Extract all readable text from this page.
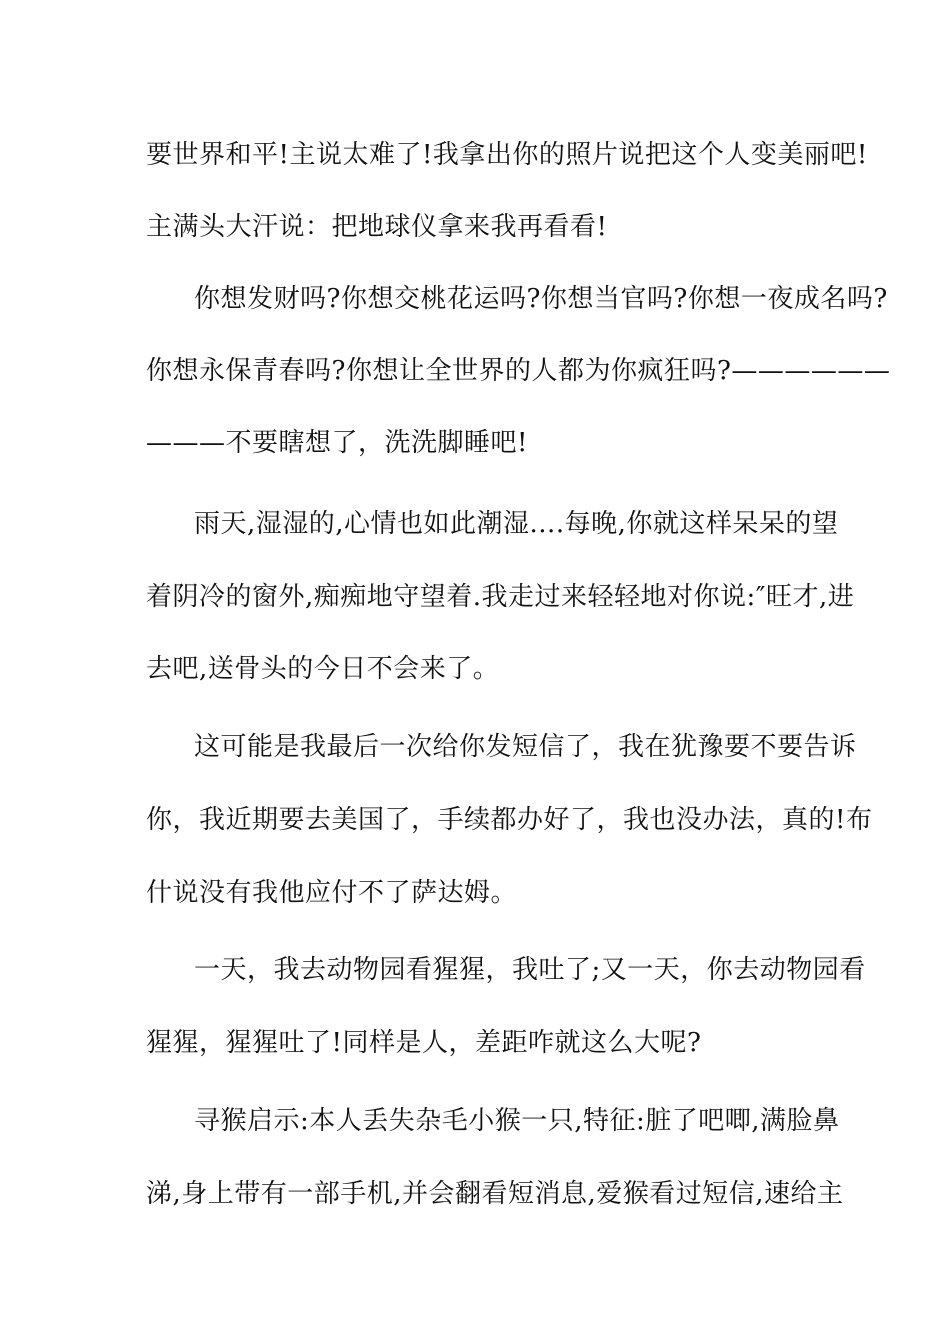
要世界和平!主说太难了!我拿出你的照片说把这个人变美丽吧!
主满头大汗说：把地球仪拿来我再看看!
你想发财吗?你想交桃花运吗?你想当官吗?你想一夜成名吗?
你想永保青春吗?你想让全世界的人都为你疯狂吗?——————
———不要瞎想了，洗洗脚睡吧!
雨天,湿湿的,心情也如此潮湿....每晚,你就这样呆呆的望
着阴冷的窗外,痴痴地守望着.我走过来轻轻地对你说:″旺才,进
去吧,送骨头的今日不会来了。
这可能是我最后一次给你发短信了，我在犹豫要不要告诉
你，我近期要去美国了，手续都办好了，我也没办法，真的!布
什说没有我他应付不了萨达姆。
一天，我去动物园看猩猩，我吐了;又一天，你去动物园看
猩猩，猩猩吐了!同样是人，差距咋就这么大呢?
寻猴启示:本人丢失杂毛小猴一只,特征:脏了吧唧,满脸鼻
涕,身上带有一部手机,并会翻看短消息,爱猴看过短信,速给主
